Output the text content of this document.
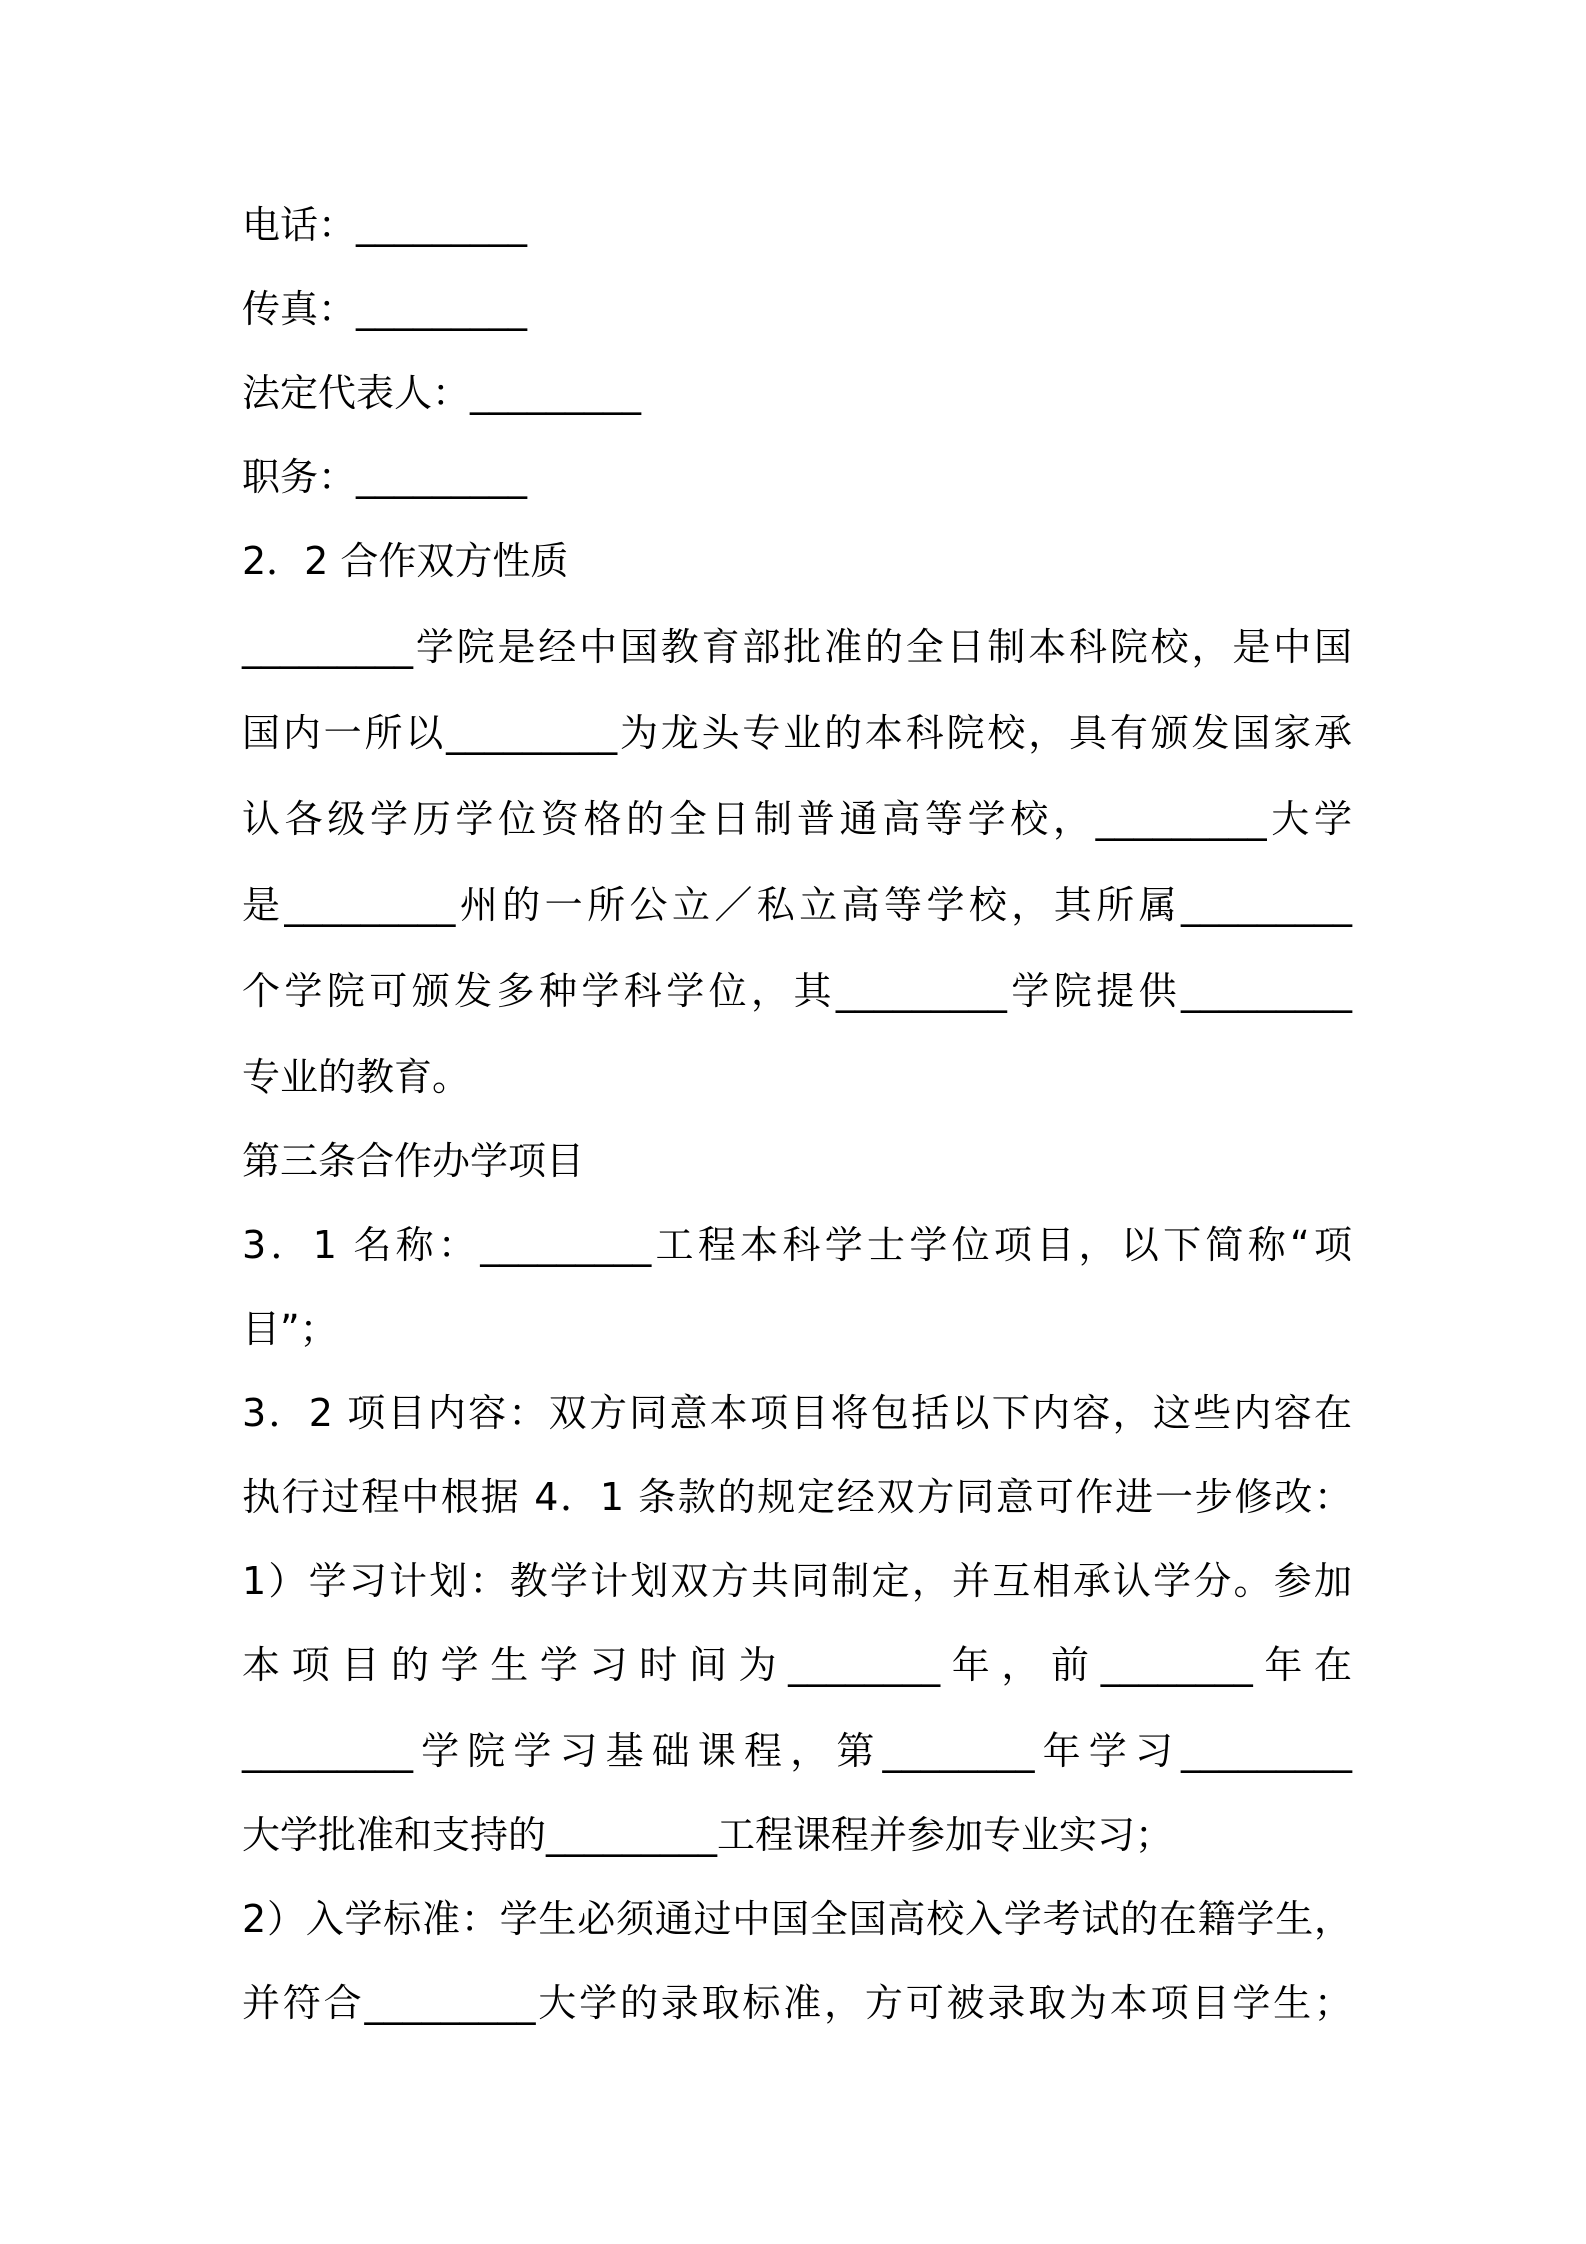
电话：_________
传真：_________
法定代表人：_________
职务：_________
2．2 合作双方性质
_________学院是经中国教育部批准的全日制本科院校，是中国
国内一所以_________为龙头专业的本科院校，具有颁发国家承
认各级学历学位资格的全日制普通高等学校，_________大学
是_________州的一所公立／私立高等学校，其所属_________
个学院可颁发多种学科学位，其_________学院提供_________
专业的教育。
第三条合作办学项目
3．1 名称：_________工程本科学士学位项目，以下简称“项
目”；
3．2 项目内容：双方同意本项目将包括以下内容，这些内容在
执行过程中根据 4．1 条款的规定经双方同意可作进一步修改：
1）学习计划：教学计划双方共同制定，并互相承认学分。参加
本项目的学生学习时间为________年，前________年在
_________学院学习基础课程，第________年学习_________
大学批准和支持的_________工程课程并参加专业实习；
2）入学标准：学生必须通过中国全国高校入学考试的在籍学生，
并符合_________大学的录取标准，方可被录取为本项目学生；
